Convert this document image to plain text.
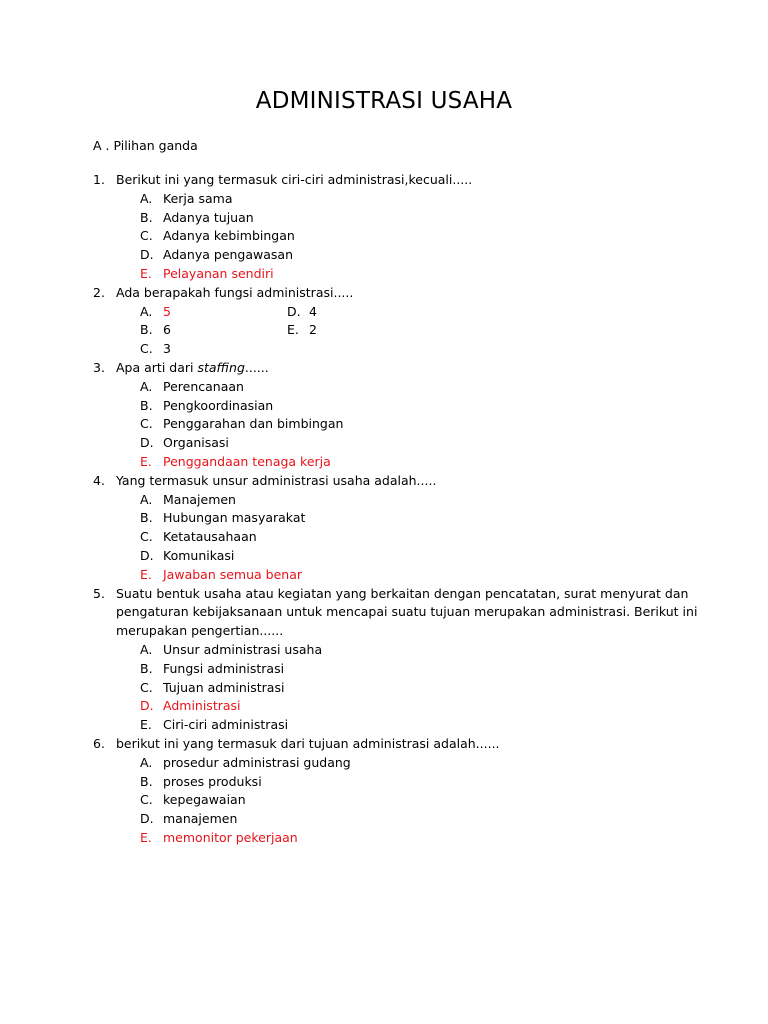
ADMINISTRASI USAHA
A . Pilihan ganda
1. Berikut ini yang termasuk ciri-ciri administrasi,kecuali.....
A. Kerja sama
B. Adanya tujuan
C. Adanya kebimbingan
D. Adanya pengawasan
E. Pelayanan sendiri
2. Ada berapakah fungsi administrasi.....
A. 5	D. 4
B. 6	E. 2
C. 3
3. Apa arti dari staffing......
A. Perencanaan
B. Pengkoordinasian
C. Penggarahan dan bimbingan
D. Organisasi
E. Penggandaan tenaga kerja
4. Yang termasuk unsur administrasi usaha adalah.....
A. Manajemen
B. Hubungan masyarakat
C. Ketatausahaan
D. Komunikasi
E. Jawaban semua benar
5. Suatu bentuk usaha atau kegiatan yang berkaitan dengan pencatatan, surat menyurat dan
pengaturan kebijaksanaan untuk mencapai suatu tujuan merupakan administrasi. Berikut ini
merupakan pengertian......
A. Unsur administrasi usaha
B. Fungsi administrasi
C. Tujuan administrasi
D. Administrasi
E. Ciri-ciri administrasi
6. berikut ini yang termasuk dari tujuan administrasi adalah......
A. prosedur administrasi gudang
B. proses produksi
C. kepegawaian
D. manajemen
E. memonitor pekerjaan
